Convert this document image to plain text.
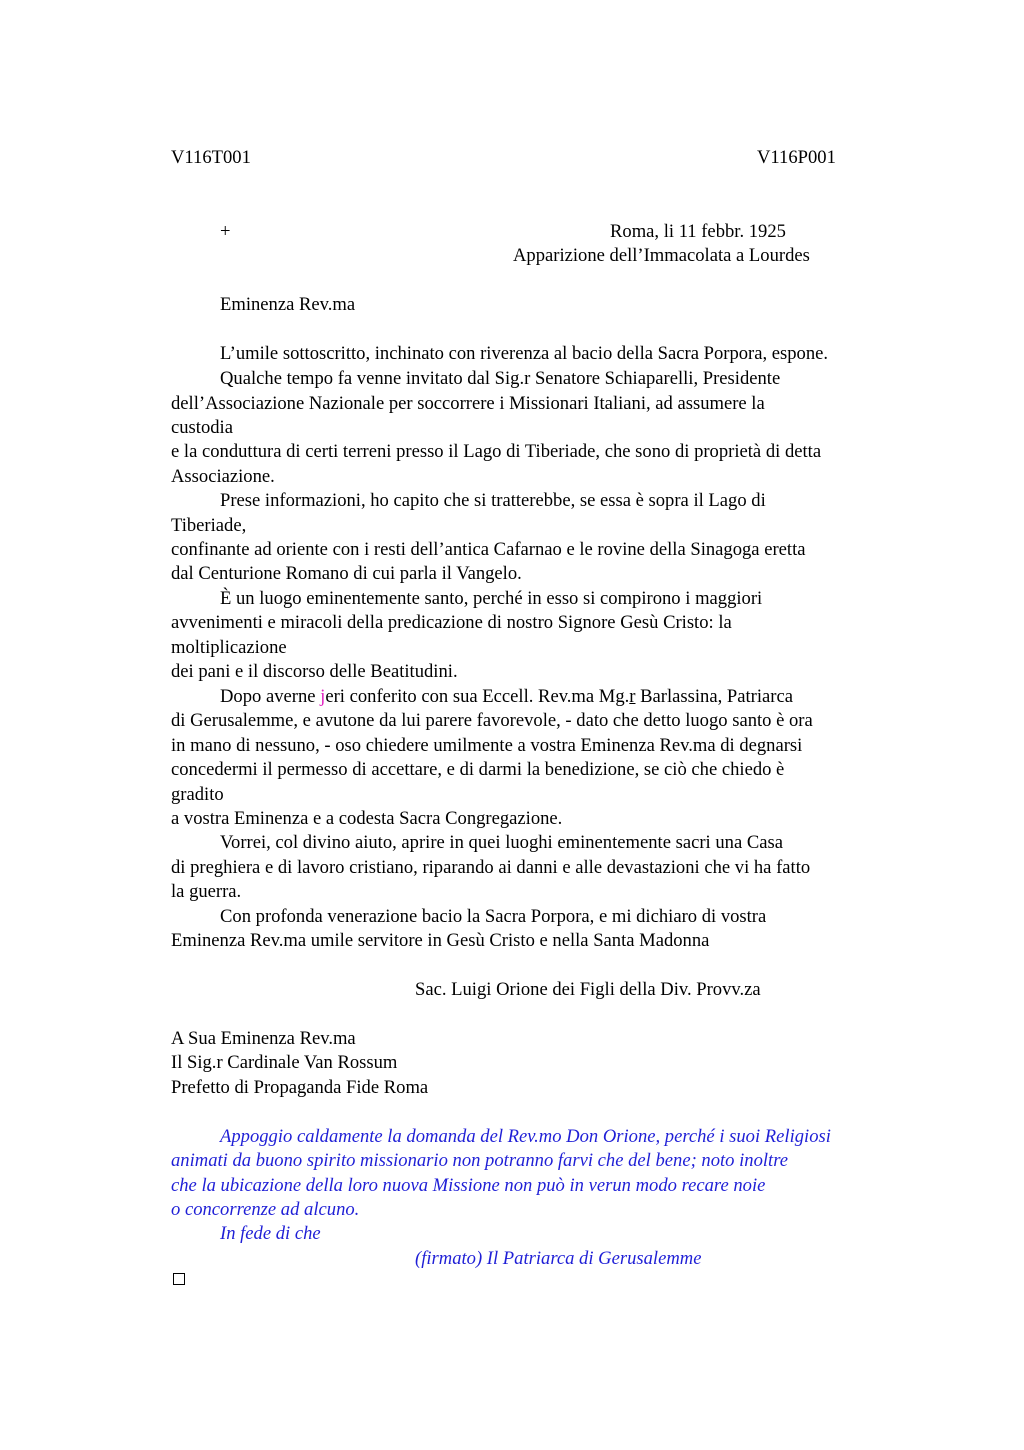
V116T001	V116P001
+	Roma, li 11 febbr. 1925
Apparizione dell’Immacolata a Lourdes
Eminenza Rev.ma
L’umile sottoscritto, inchinato con riverenza al bacio della Sacra Porpora, espone.
Qualche tempo fa venne invitato dal Sig.r Senatore Schiaparelli, Presidente
dell’Associazione Nazionale per soccorrere i Missionari Italiani, ad assumere la
custodia
e la conduttura di certi terreni presso il Lago di Tiberiade, che sono di proprietà di detta
Associazione.
Prese informazioni, ho capito che si tratterebbe, se essa è sopra il Lago di
Tiberiade,
confinante ad oriente con i resti dell’antica Cafarnao e le rovine della Sinagoga eretta
dal Centurione Romano di cui parla il Vangelo.
È un luogo eminentemente santo, perché in esso si compirono i maggiori
avvenimenti e miracoli della predicazione di nostro Signore Gesù Cristo: la
moltiplicazione
dei pani e il discorso delle Beatitudini.
Dopo averne jeri conferito con sua Eccell. Rev.ma Mg.r Barlassina, Patriarca
di Gerusalemme, e avutone da lui parere favorevole, - dato che detto luogo santo è ora
in mano di nessuno, - oso chiedere umilmente a vostra Eminenza Rev.ma di degnarsi
concedermi il permesso di accettare, e di darmi la benedizione, se ciò che chiedo è
gradito
a vostra Eminenza e a codesta Sacra Congregazione.
Vorrei, col divino aiuto, aprire in quei luoghi eminentemente sacri una Casa
di preghiera e di lavoro cristiano, riparando ai danni e alle devastazioni che vi ha fatto
la guerra.
Con profonda venerazione bacio la Sacra Porpora, e mi dichiaro di vostra
Eminenza Rev.ma umile servitore in Gesù Cristo e nella Santa Madonna
Sac. Luigi Orione dei Figli della Div. Provv.za
A Sua Eminenza Rev.ma
Il Sig.r Cardinale Van Rossum
Prefetto di Propaganda Fide Roma
Appoggio caldamente la domanda del Rev.mo Don Orione, perché i suoi Religiosi
animati da buono spirito missionario non potranno farvi che del bene; noto inoltre
che la ubicazione della loro nuova Missione non può in verun modo recare noie
o concorrenze ad alcuno.
In fede di che
(firmato) Il Patriarca di Gerusalemme
